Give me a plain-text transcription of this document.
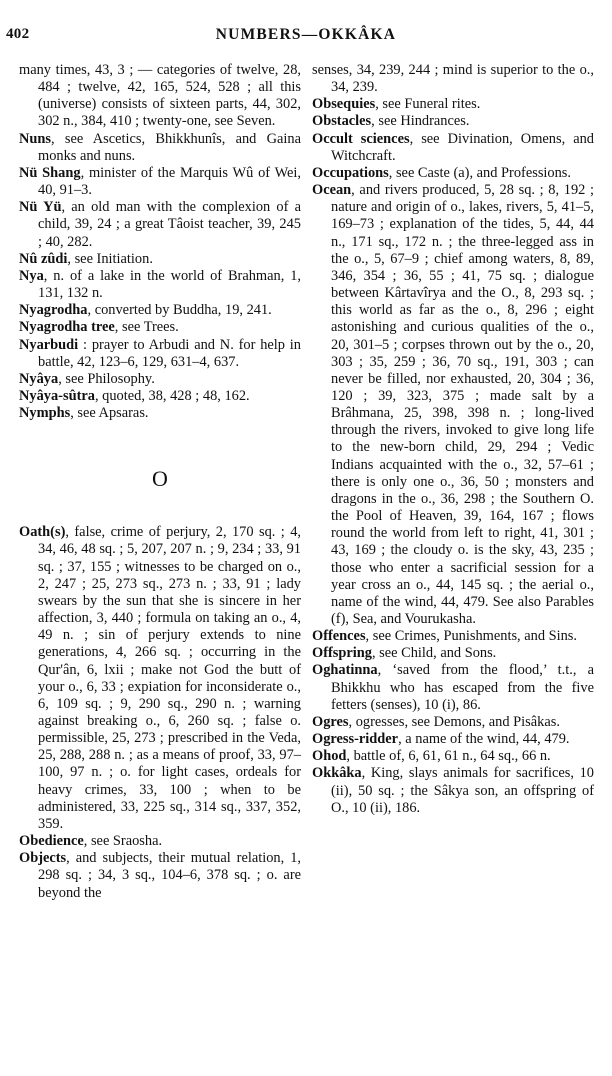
402	NUMBERS—OKKÂKA

many times, 43, 3 ; — categories of twelve, 28, 484 ; twelve, 42, 165, 524, 528 ; all this (universe) consists of sixteen parts, 44, 302, 302 n., 384, 410 ; twenty-one, see Seven.

Nuns, see Ascetics, Bhikkhunîs, and Gaina monks and nuns.

Nü Shang, minister of the Marquis Wû of Wei, 40, 91–3.

Nü Yü, an old man with the complexion of a child, 39, 24 ; a great Tâoist teacher, 39, 245 ; 40, 282.

Nû zûdi, see Initiation.

Nya, n. of a lake in the world of Brahman, 1, 131, 132 n.

Nyagrodha, converted by Buddha, 19, 241.

Nyagrodha tree, see Trees.

Nyarbudi : prayer to Arbudi and N. for help in battle, 42, 123–6, 129, 631–4, 637.

Nyâya, see Philosophy.

Nyâya-sûtra, quoted, 38, 428 ; 48, 162.

Nymphs, see Apsaras.

O

Oath(s), false, crime of perjury, 2, 170 sq. ; 4, 34, 46, 48 sq. ; 5, 207, 207 n. ; 9, 234 ; 33, 91 sq. ; 37, 155 ; witnesses to be charged on o., 2, 247 ; 25, 273 sq., 273 n. ; 33, 91 ; lady swears by the sun that she is sincere in her affection, 3, 440 ; formula on taking an o., 4, 49 n. ; sin of perjury extends to nine generations, 4, 266 sq. ; occurring in the Qur'ân, 6, lxii ; make not God the butt of your o., 6, 33 ; expiation for inconsiderate o., 6, 109 sq. ; 9, 290 sq., 290 n. ; warning against breaking o., 6, 260 sq. ; false o. permissible, 25, 273 ; prescribed in the Veda, 25, 288, 288 n. ; as a means of proof, 33, 97–100, 97 n. ; o. for light cases, ordeals for heavy crimes, 33, 100 ; when to be administered, 33, 225 sq., 314 sq., 337, 352, 359.

Obedience, see Sraosha.

Objects, and subjects, their mutual relation, 1, 298 sq. ; 34, 3 sq., 104–6, 378 sq. ; o. are beyond the

senses, 34, 239, 244 ; mind is superior to the o., 34, 239.

Obsequies, see Funeral rites.

Obstacles, see Hindrances.

Occult sciences, see Divination, Omens, and Witchcraft.

Occupations, see Caste (a), and Professions.

Ocean, and rivers produced, 5, 28 sq. ; 8, 192 ; nature and origin of o., lakes, rivers, 5, 41–5, 169–73 ; explanation of the tides, 5, 44, 44 n., 171 sq., 172 n. ; the three-legged ass in the o., 5, 67–9 ; chief among waters, 8, 89, 346, 354 ; 36, 55 ; 41, 75 sq. ; dialogue between Kârtavîrya and the O., 8, 293 sq. ; this world as far as the o., 8, 296 ; eight astonishing and curious qualities of the o., 20, 301–5 ; corpses thrown out by the o., 20, 303 ; 35, 259 ; 36, 70 sq., 191, 303 ; can never be filled, nor exhausted, 20, 304 ; 36, 120 ; 39, 323, 375 ; made salt by a Brâhmana, 25, 398, 398 n. ; long-lived through the rivers, invoked to give long life to the new-born child, 29, 294 ; Vedic Indians acquainted with the o., 32, 57–61 ; there is only one o., 36, 50 ; monsters and dragons in the o., 36, 298 ; the Southern O. the Pool of Heaven, 39, 164, 167 ; flows round the world from left to right, 41, 301 ; 43, 169 ; the cloudy o. is the sky, 43, 235 ; those who enter a sacrificial session for a year cross an o., 44, 145 sq. ; the aerial o., name of the wind, 44, 479. See also Parables (f), Sea, and Vourukasha.

Offences, see Crimes, Punishments, and Sins.

Offspring, see Child, and Sons.

Oghatinna, ‘saved from the flood,’ t.t., a Bhikkhu who has escaped from the five fetters (senses), 10 (i), 86.

Ogres, ogresses, see Demons, and Pisâkas.

Ogress-ridder, a name of the wind, 44, 479.

Ohod, battle of, 6, 61, 61 n., 64 sq., 66 n.

Okkâka, King, slays animals for sacrifices, 10 (ii), 50 sq. ; the Sâkya son, an offspring of O., 10 (ii), 186.
